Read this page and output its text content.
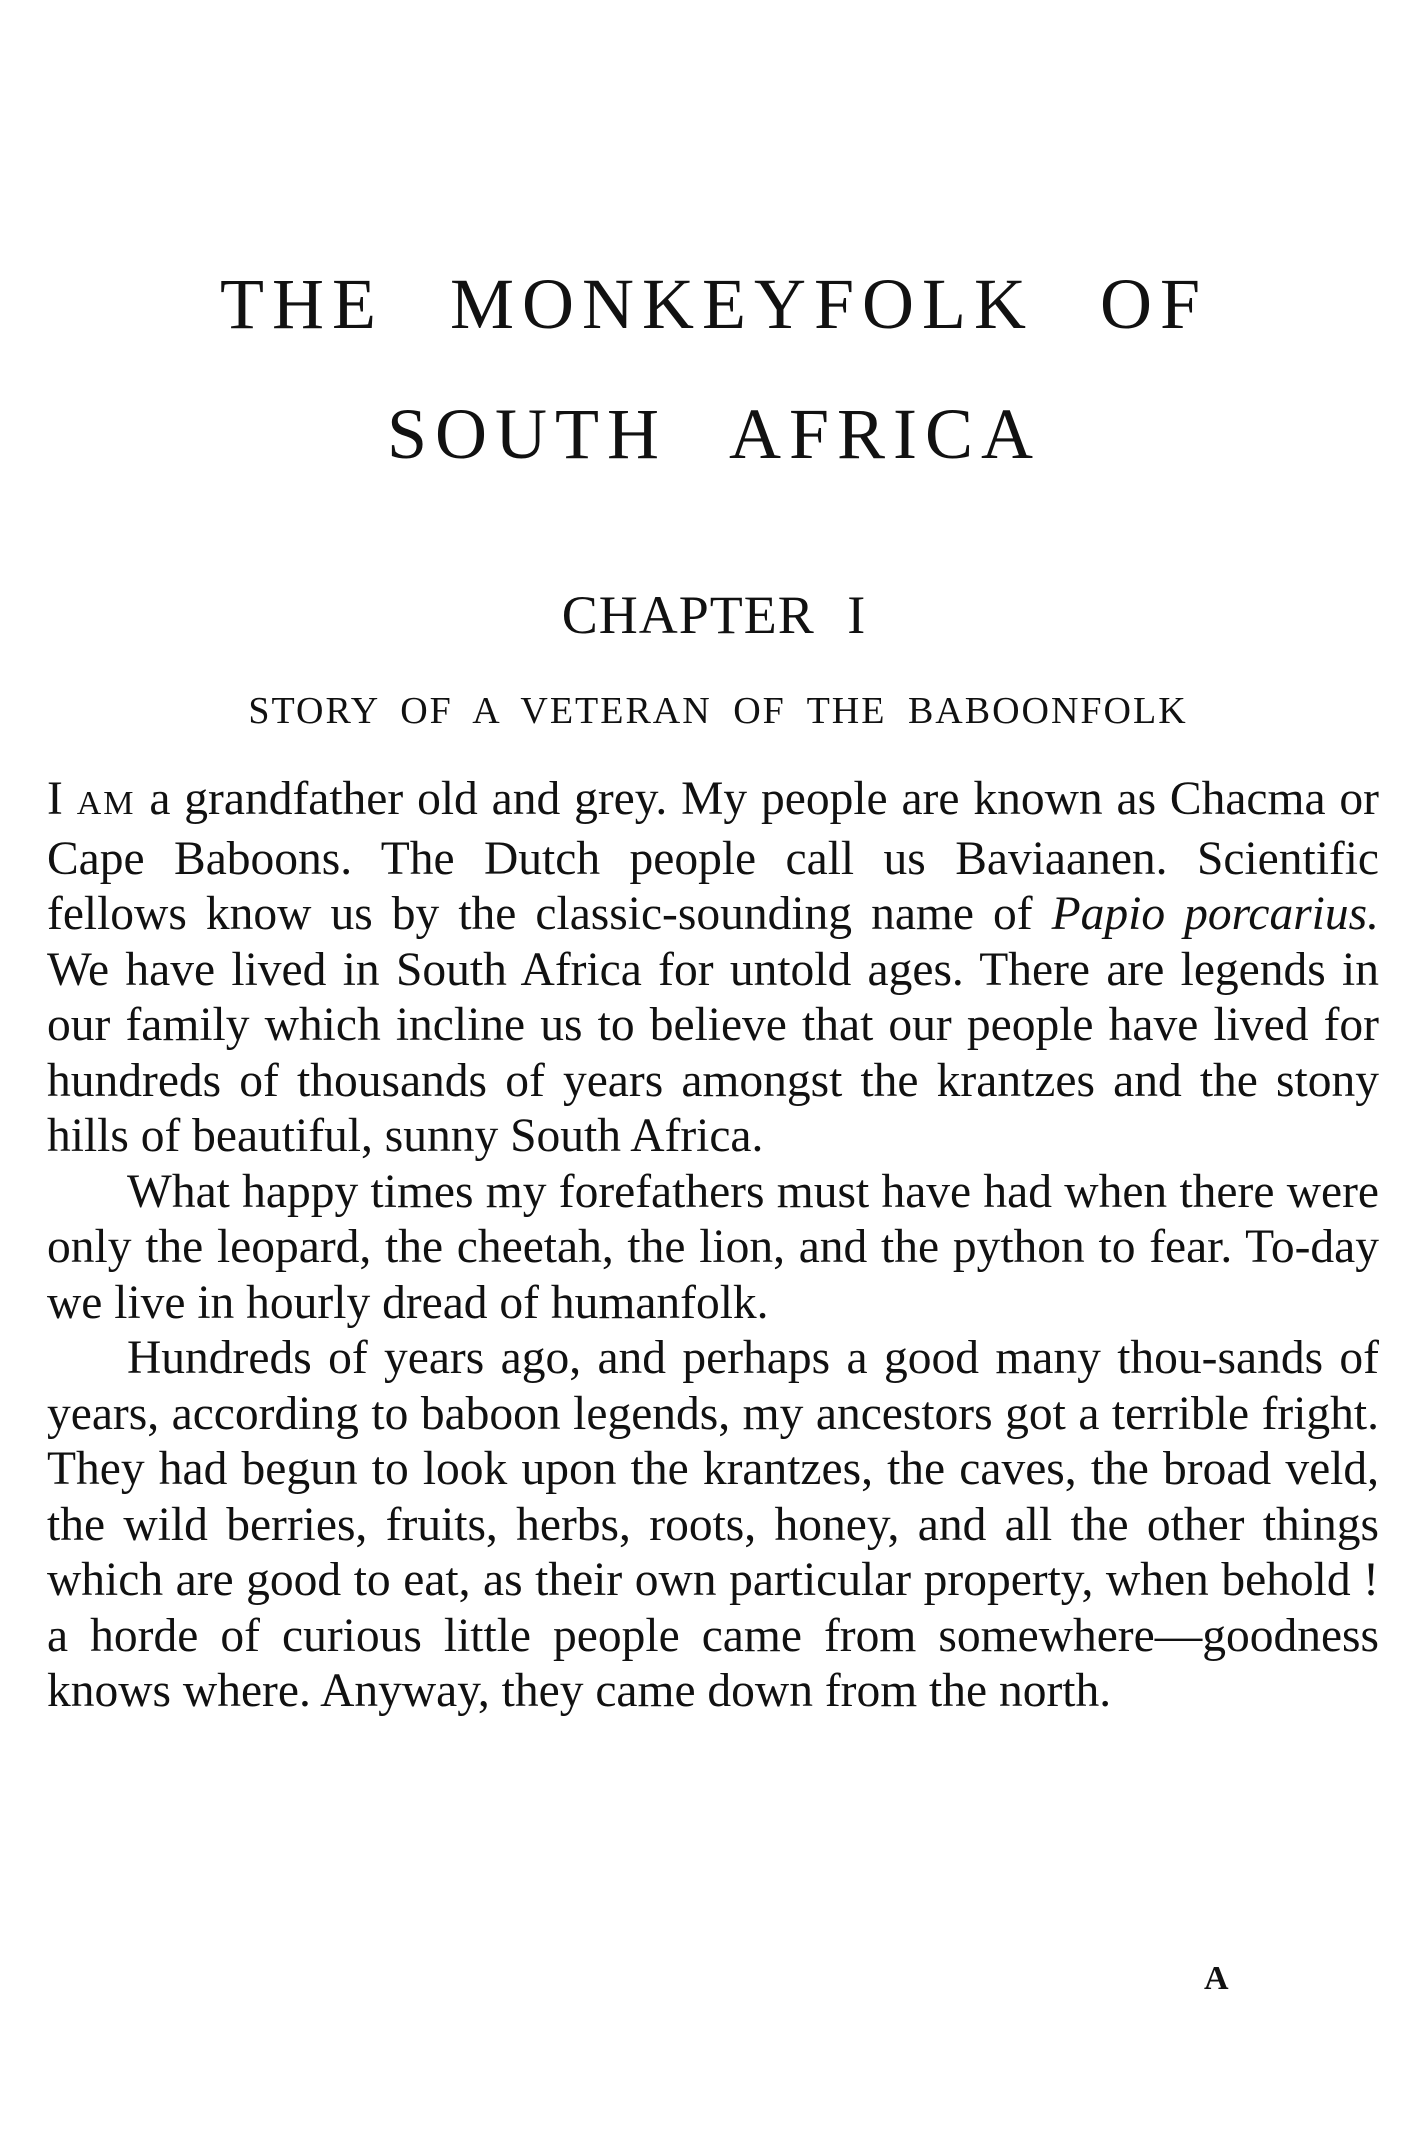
THE MONKEYFOLK OF
SOUTH AFRICA
CHAPTER I
STORY OF A VETERAN OF THE BABOONFOLK

I AM a grandfather old and grey. My people are known as Chacma or Cape Baboons. The Dutch people call us Baviaanen. Scientific fellows know us by the classic-sounding name of Papio porcarius. We have lived in South Africa for untold ages. There are legends in our family which incline us to believe that our people have lived for hundreds of thousands of years amongst the krantzes and the stony hills of beautiful, sunny South Africa.

What happy times my forefathers must have had when there were only the leopard, the cheetah, the lion, and the python to fear. To-day we live in hourly dread of humanfolk.

Hundreds of years ago, and perhaps a good many thou-sands of years, according to baboon legends, my ancestors got a terrible fright. They had begun to look upon the krantzes, the caves, the broad veld, the wild berries, fruits, herbs, roots, honey, and all the other things which are good to eat, as their own particular property, when behold ! a horde of curious little people came from somewhere—goodness knows where. Anyway, they came down from the north.

A
